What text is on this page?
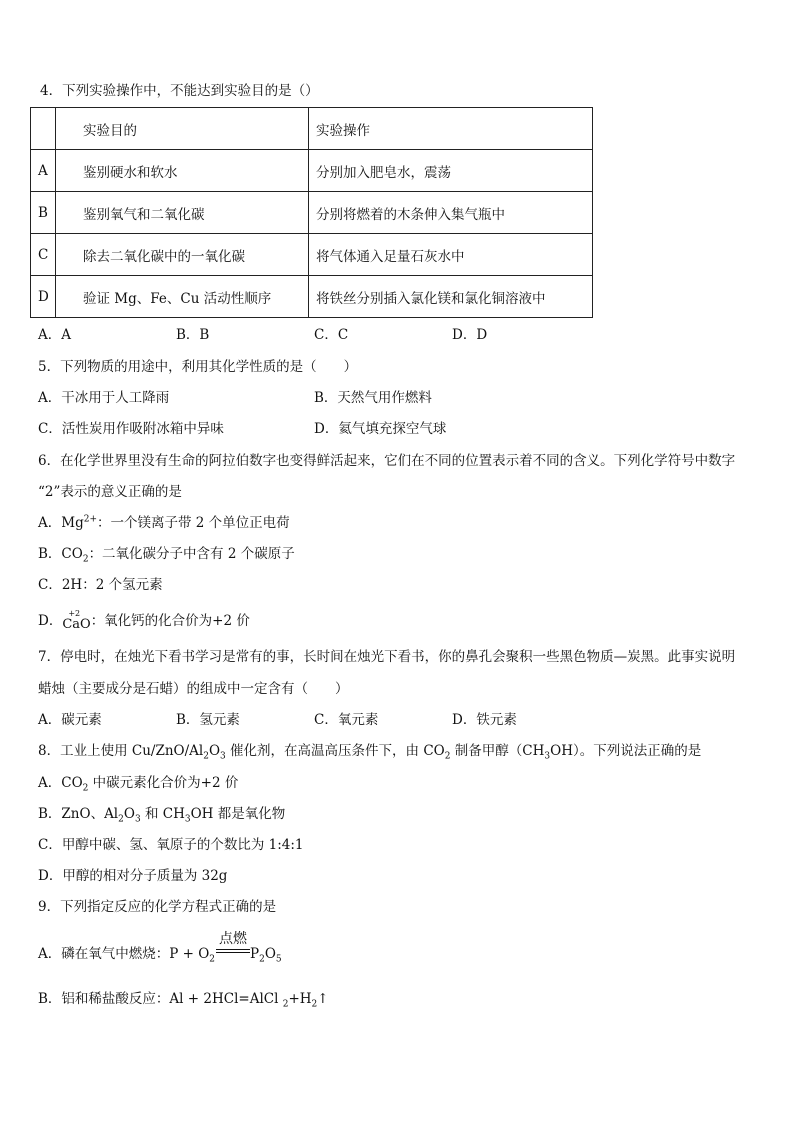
4．下列实验操作中，不能达到实验目的是（）
	实验目的	实验操作
A	鉴别硬水和软水	分别加入肥皂水，震荡
B	鉴别氧气和二氧化碳	分别将燃着的木条伸入集气瓶中
C	除去二氧化碳中的一氧化碳	将气体通入足量石灰水中
D	验证 Mg、Fe、Cu 活动性顺序	将铁丝分别插入氯化镁和氯化铜溶液中
A．A	B．B	C．C	D．D
5．下列物质的用途中，利用其化学性质的是（　　）
A．干冰用于人工降雨	B．天然气用作燃料
C．活性炭用作吸附冰箱中异味	D．氦气填充探空气球
6．在化学世界里没有生命的阿拉伯数字也变得鲜活起来，它们在不同的位置表示着不同的含义。下列化学符号中数字
“2”表示的意义正确的是
A．$Mg^{2+}$：一个镁离子带 2 个单位正电荷
B．$CO_2$：二氧化碳分子中含有 2 个碳原子
C．2H：2 个氢元素
D． +2
CaO：氧化钙的化合价为+2 价
7．停电时，在烛光下看书学习是常有的事，长时间在烛光下看书，你的鼻孔会聚积一些黑色物质—炭黑。此事实说明
蜡烛（主要成分是石蜡）的组成中一定含有（　　）
A．碳元素	B．氢元素	C．氧元素	D．铁元素
8．工业上使用 $Cu/ZnO/Al_2O_3$ 催化剂，在高温高压条件下，由 $CO_2$ 制备甲醇$(CH_3OH)$。下列说法正确的是
A．$CO_2$ 中碳元素化合价为+2 价
B．ZnO、$Al_2O_3$ 和 $CH_3OH$ 都是氧化物
C．甲醇中碳、氢、氧原子的个数比为 1:4:1
D．甲醇的相对分子质量为 32g
9．下列指定反应的化学方程式正确的是
A．磷在氧气中燃烧：$P + O_2$
点燃
$P_2O_5$
B．铝和稀盐酸反应：Al + 2HCl=AlCl $_2+H_2↑$
